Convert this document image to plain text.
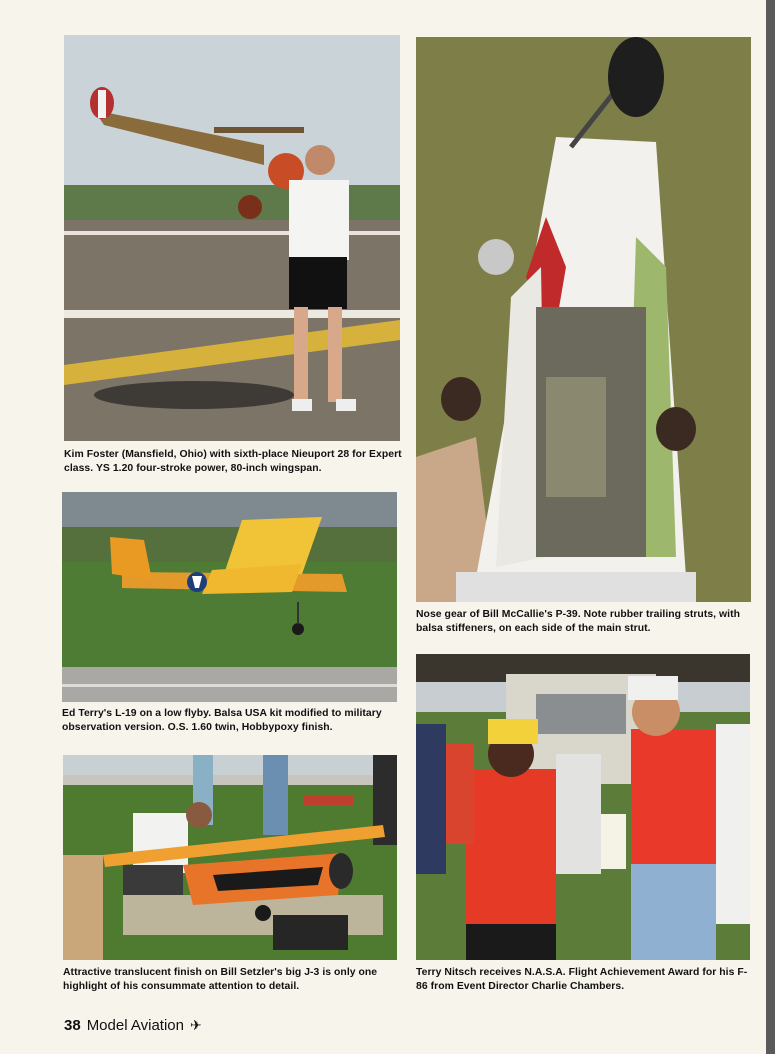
Kim Foster (Mansfield, Ohio) with sixth-place Nieuport 28 for Expert class. YS 1.20 four-stroke power, 80-inch wingspan.
Nose gear of Bill McCallie's P-39. Note rubber trailing struts, with balsa stiffeners, on each side of the main strut.
Ed Terry's L-19 on a low flyby. Balsa USA kit modified to military observation version. O.S. 1.60 twin, Hobbypoxy finish.
Attractive translucent finish on Bill Setzler's big J-3 is only one highlight of his consummate attention to detail.
Terry Nitsch receives N.A.S.A. Flight Achievement Award for his F-86 from Event Director Charlie Chambers.
38 Model Aviation ✈
